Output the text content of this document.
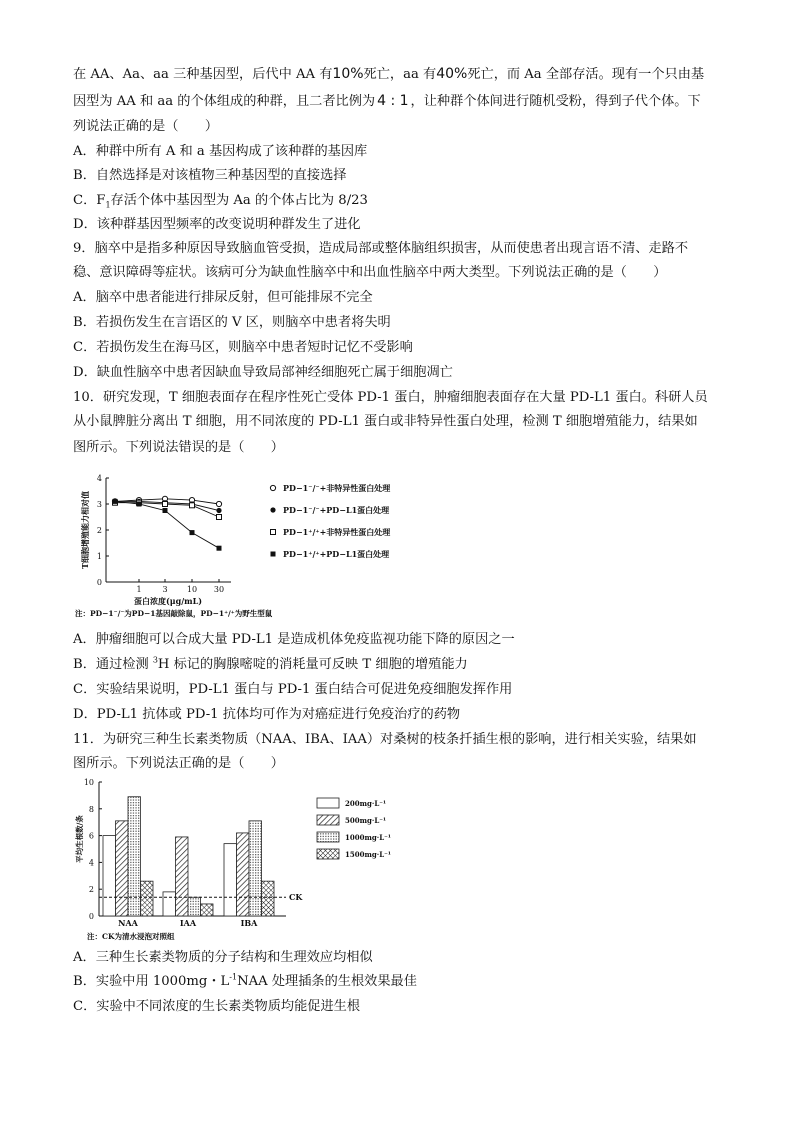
在 AA、Aa、aa 三种基因型，后代中 AA 有10%死亡，aa 有40%死亡，而 Aa 全部存活。现有一个只由基
因型为 AA 和 aa 的个体组成的种群，且二者比例为 4 : 1 ，让种群个体间进行随机受粉，得到子代个体。下
列说法正确的是（　　）
A．种群中所有 A 和 a 基因构成了该种群的基因库
B．自然选择是对该植物三种基因型的直接选择
C．$F_1$存活个体中基因型为 Aa 的个体占比为 8/23
D．该种群基因型频率的改变说明种群发生了进化
9．脑卒中是指多种原因导致脑血管受损，造成局部或整体脑组织损害，从而使患者出现言语不清、走路不
稳、意识障碍等症状。该病可分为缺血性脑卒中和出血性脑卒中两大类型。下列说法正确的是（　　）
A．脑卒中患者能进行排尿反射，但可能排尿不完全
B．若损伤发生在言语区的 V 区，则脑卒中患者将失明
C．若损伤发生在海马区，则脑卒中患者短时记忆不受影响
D．缺血性脑卒中患者因缺血导致局部神经细胞死亡属于细胞凋亡
10．研究发现，T 细胞表面存在程序性死亡受体 PD-1 蛋白，肿瘤细胞表面存在大量 PD-L1 蛋白。科研人员
从小鼠脾脏分离出 T 细胞，用不同浓度的 PD-L1 蛋白或非特异性蛋白处理，检测 T 细胞增殖能力，结果如
图所示。下列说法错误的是（　　）
0
1
2
3
4
1	3 10 30
蛋白浓度(μg/mL)
T细胞增殖能力相对值
PD−1⁻/⁻+非特异性蛋白处理
PD−1⁻/⁻+PD−L1蛋白处理
PD−1⁺/⁺+非特异性蛋白处理
PD−1⁺/⁺+PD−L1蛋白处理
注：PD−1⁻/⁻为PD−1基因敲除鼠，PD−1⁺/⁺为野生型鼠
A．肿瘤细胞可以合成大量 PD-L1 是造成机体免疫监视功能下降的原因之一
B．通过检测 $^3$H 标记的胸腺嘧啶的消耗量可反映 T 细胞的增殖能力
C．实验结果说明，PD-L1 蛋白与 PD-1 蛋白结合可促进免疫细胞发挥作用
D．PD-L1 抗体或 PD-1 抗体均可作为对癌症进行免疫治疗的药物
11．为研究三种生长素类物质（NAA、IBA、IAA）对桑树的枝条扦插生根的影响，进行相关实验，结果如
图所示。下列说法正确的是（　　）
0
2
4
6
8
10
平均生根数/条
NAA	IAA	IBA
CK
200mg·L⁻¹
500mg·L⁻¹
1000mg·L⁻¹
1500mg·L⁻¹
注：CK为清水浸泡对照组
A．三种生长素类物质的分子结构和生理效应均相似
B．实验中用 1000mg・$L^{-1}NAA$ 处理插条的生根效果最佳
C．实验中不同浓度的生长素类物质均能促进生根
